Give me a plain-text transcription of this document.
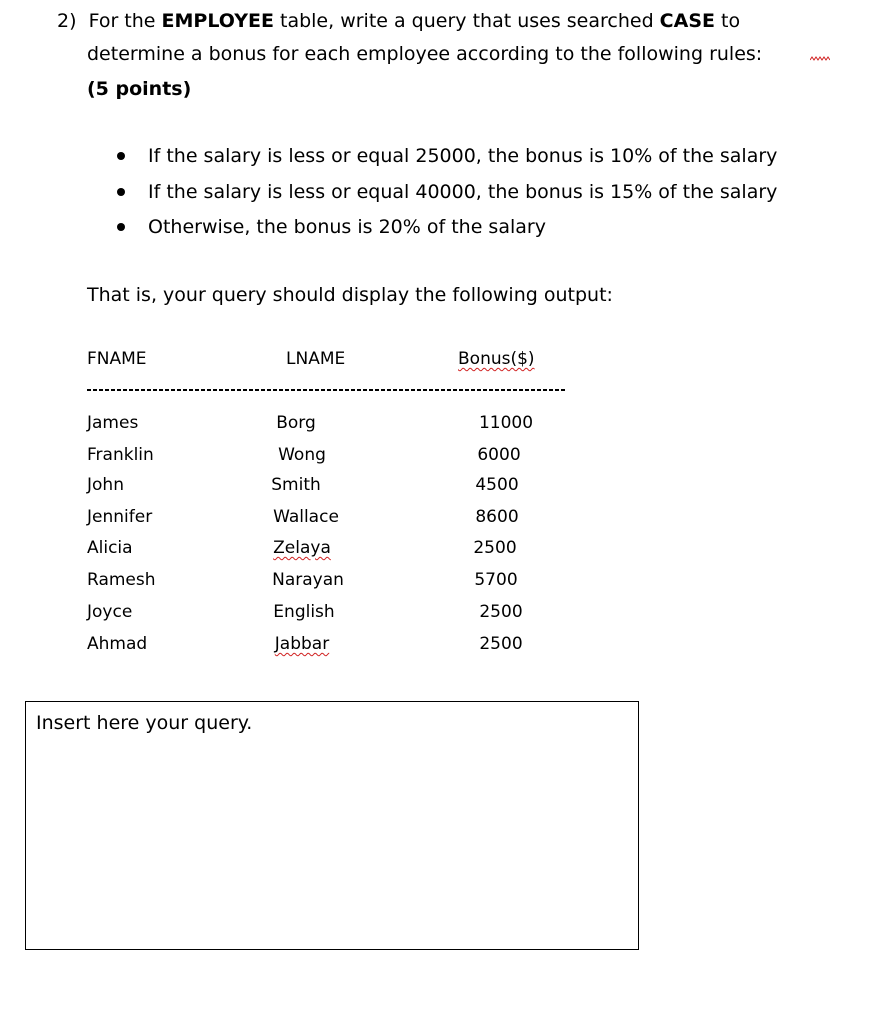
2) For the EMPLOYEE table, write a query that uses searched CASE to
determine a bonus for each employee according to the following rules:
(5 points)
If the salary is less or equal 25000, the bonus is 10% of the salary
If the salary is less or equal 40000, the bonus is 15% of the salary
Otherwise, the bonus is 20% of the salary
That is, your query should display the following output:
FNAME	LNAME	Bonus($)
James	Borg	11000
Franklin	Wong	6000
John	Smith	4500
Jennifer	Wallace	8600
Alicia	Zelaya	2500
Ramesh	Narayan	5700
Joyce	English	2500
Ahmad	Jabbar	2500
Insert here your query.
